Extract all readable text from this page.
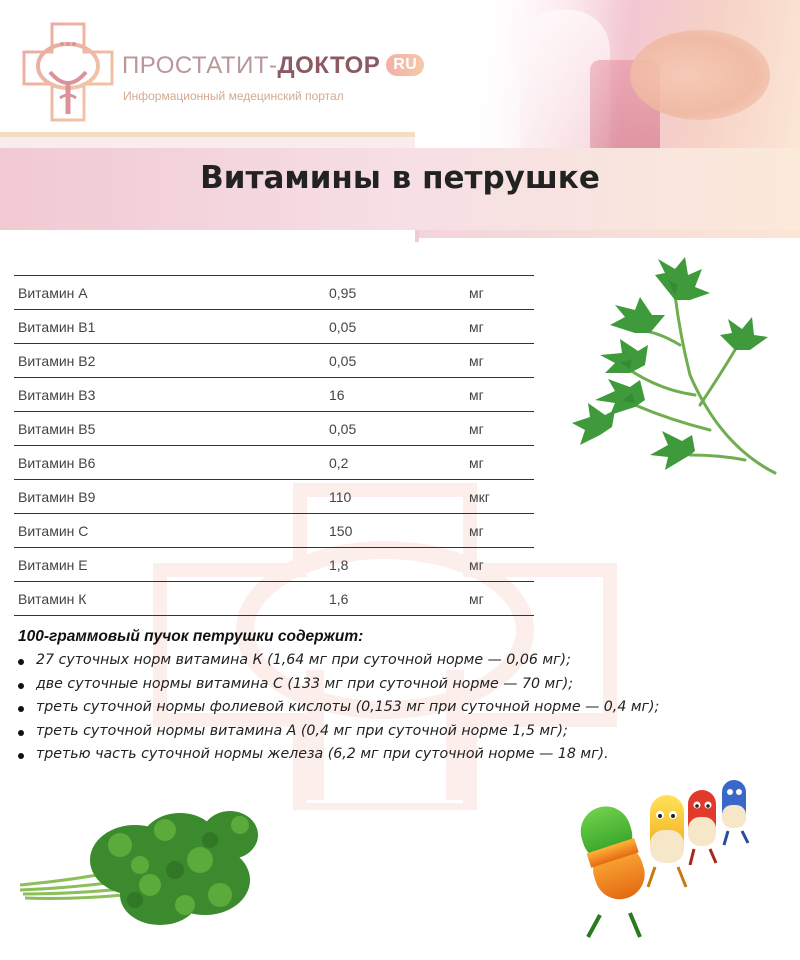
ПРОСТАТИТ-ДОКТОР RU
Информационный медецинский портал
Витамины в петрушке
Витамин А	0,95	мг
Витамин В1	0,05	мг
Витамин В2	0,05	мг
Витамин В3	16	мг
Витамин В5	0,05	мг
Витамин В6	0,2	мг
Витамин В9	110	мкг
Витамин С	150	мг
Витамин Е	1,8	мг
Витамин К	1,6	мг
100-граммовый пучок петрушки содержит:
27 суточных норм витамина К (1,64 мг при суточной норме — 0,06 мг);
две суточные нормы витамина С (133 мг при суточной норме — 70 мг);
треть суточной нормы фолиевой кислоты (0,153 мг при суточной норме — 0,4 мг);
треть суточной нормы витамина А (0,4 мг при суточной норме 1,5 мг);
третью часть суточной нормы железа (6,2 мг при суточной норме — 18 мг).
